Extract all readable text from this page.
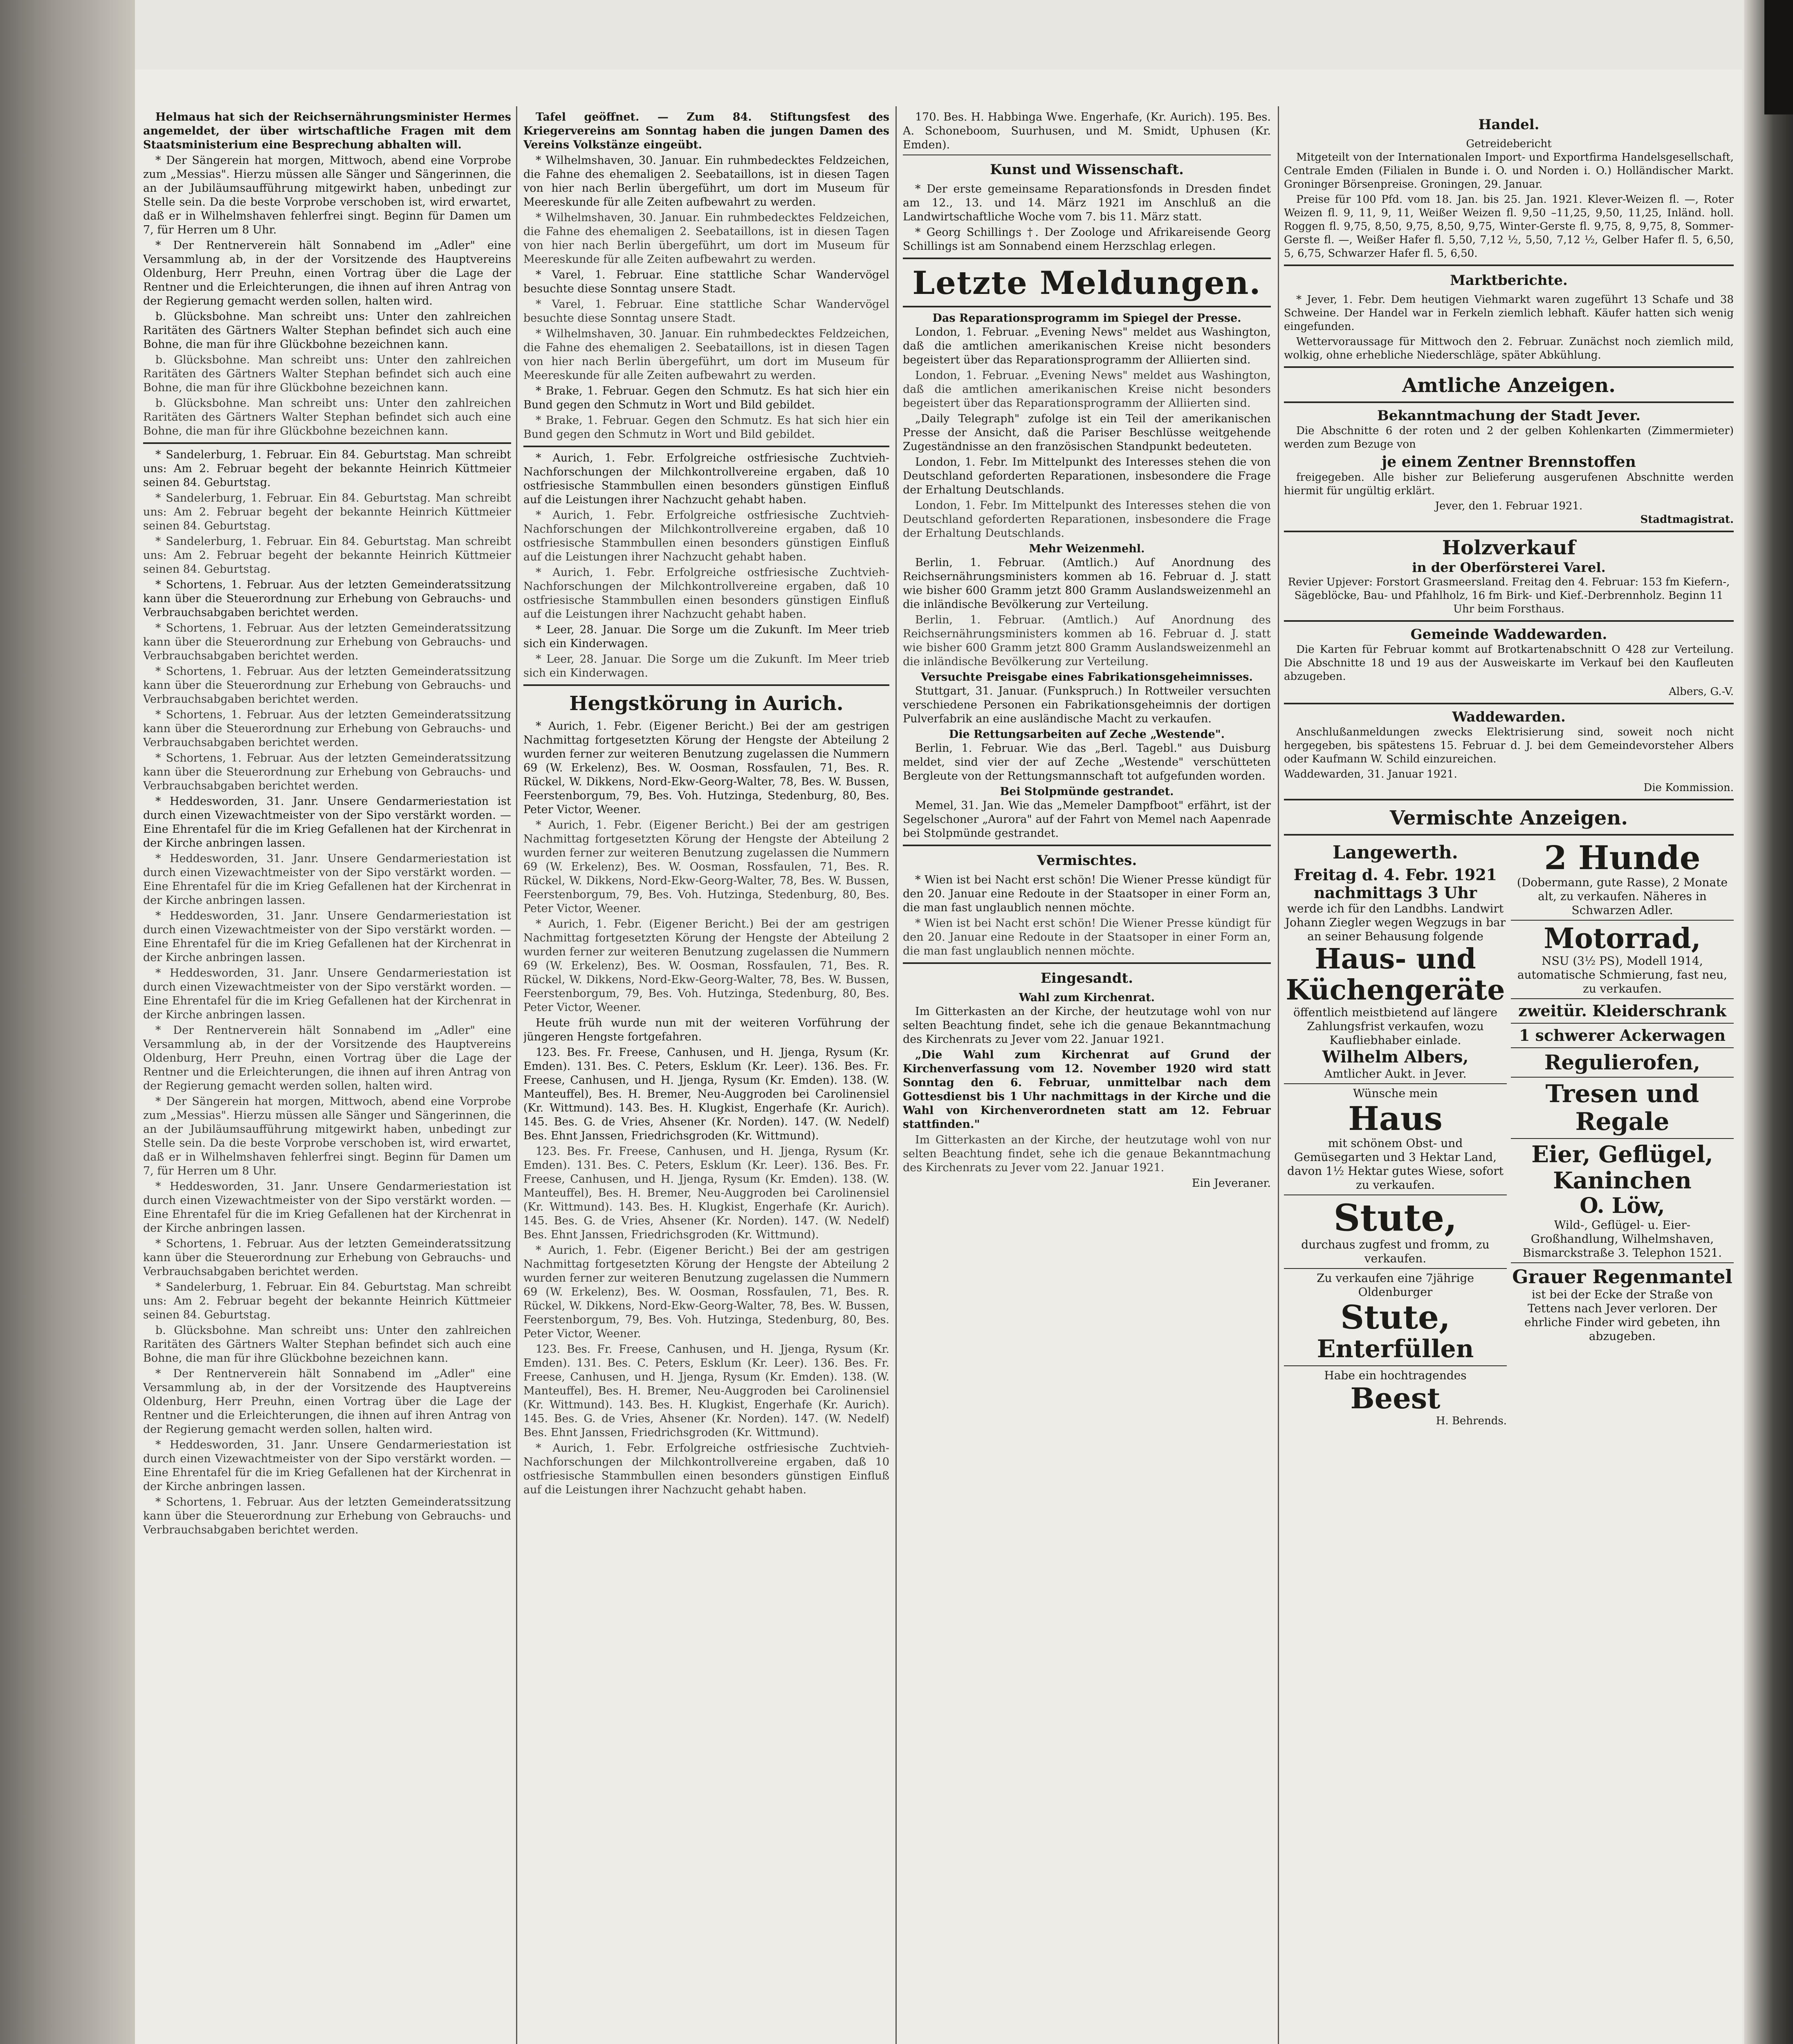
Helmaus hat sich der Reichsernährungsminister Hermes angemeldet, der über wirtschaftliche Fragen mit dem Staatsministerium eine Besprechung abhalten will.

* Der Sängerein hat morgen, Mittwoch, abend eine Vorprobe zum „Messias". Hierzu müssen alle Sänger und Sängerinnen, die an der Jubiläumsaufführung mitgewirkt haben, unbedingt zur Stelle sein. Da die beste Vorprobe verschoben ist, wird erwartet, daß er in Wilhelmshaven fehlerfrei singt. Beginn für Damen um 7, für Herren um 8 Uhr.

* Der Rentnerverein hält Sonnabend im „Adler" eine Versammlung ab, in der der Vorsitzende des Hauptvereins Oldenburg, Herr Preuhn, einen Vortrag über die Lage der Rentner und die Erleichterungen, die ihnen auf ihren Antrag von der Regierung gemacht werden sollen, halten wird.

b. Glücksbohne. Man schreibt uns: Unter den zahlreichen Raritäten des Gärtners Walter Stephan befindet sich auch eine Bohne, die man für ihre Glückbohne bezeichnen kann.

b. Glücksbohne. Man schreibt uns: Unter den zahlreichen Raritäten des Gärtners Walter Stephan befindet sich auch eine Bohne, die man für ihre Glückbohne bezeichnen kann.

b. Glücksbohne. Man schreibt uns: Unter den zahlreichen Raritäten des Gärtners Walter Stephan befindet sich auch eine Bohne, die man für ihre Glückbohne bezeichnen kann.

* Sandelerburg, 1. Februar. Ein 84. Geburtstag. Man schreibt uns: Am 2. Februar begeht der bekannte Heinrich Küttmeier seinen 84. Geburtstag.

* Sandelerburg, 1. Februar. Ein 84. Geburtstag. Man schreibt uns: Am 2. Februar begeht der bekannte Heinrich Küttmeier seinen 84. Geburtstag.

* Sandelerburg, 1. Februar. Ein 84. Geburtstag. Man schreibt uns: Am 2. Februar begeht der bekannte Heinrich Küttmeier seinen 84. Geburtstag.

* Schortens, 1. Februar. Aus der letzten Gemeinderatssitzung kann über die Steuerordnung zur Erhebung von Gebrauchs- und Verbrauchsabgaben berichtet werden.

* Schortens, 1. Februar. Aus der letzten Gemeinderatssitzung kann über die Steuerordnung zur Erhebung von Gebrauchs- und Verbrauchsabgaben berichtet werden.

* Schortens, 1. Februar. Aus der letzten Gemeinderatssitzung kann über die Steuerordnung zur Erhebung von Gebrauchs- und Verbrauchsabgaben berichtet werden.

* Schortens, 1. Februar. Aus der letzten Gemeinderatssitzung kann über die Steuerordnung zur Erhebung von Gebrauchs- und Verbrauchsabgaben berichtet werden.

* Schortens, 1. Februar. Aus der letzten Gemeinderatssitzung kann über die Steuerordnung zur Erhebung von Gebrauchs- und Verbrauchsabgaben berichtet werden.

* Heddesworden, 31. Janr. Unsere Gendarmeriestation ist durch einen Vizewachtmeister von der Sipo verstärkt worden. — Eine Ehrentafel für die im Krieg Gefallenen hat der Kirchenrat in der Kirche anbringen lassen.

* Heddesworden, 31. Janr. Unsere Gendarmeriestation ist durch einen Vizewachtmeister von der Sipo verstärkt worden. — Eine Ehrentafel für die im Krieg Gefallenen hat der Kirchenrat in der Kirche anbringen lassen.

* Heddesworden, 31. Janr. Unsere Gendarmeriestation ist durch einen Vizewachtmeister von der Sipo verstärkt worden. — Eine Ehrentafel für die im Krieg Gefallenen hat der Kirchenrat in der Kirche anbringen lassen.

* Heddesworden, 31. Janr. Unsere Gendarmeriestation ist durch einen Vizewachtmeister von der Sipo verstärkt worden. — Eine Ehrentafel für die im Krieg Gefallenen hat der Kirchenrat in der Kirche anbringen lassen.

* Der Rentnerverein hält Sonnabend im „Adler" eine Versammlung ab, in der der Vorsitzende des Hauptvereins Oldenburg, Herr Preuhn, einen Vortrag über die Lage der Rentner und die Erleichterungen, die ihnen auf ihren Antrag von der Regierung gemacht werden sollen, halten wird.

* Der Sängerein hat morgen, Mittwoch, abend eine Vorprobe zum „Messias". Hierzu müssen alle Sänger und Sängerinnen, die an der Jubiläumsaufführung mitgewirkt haben, unbedingt zur Stelle sein. Da die beste Vorprobe verschoben ist, wird erwartet, daß er in Wilhelmshaven fehlerfrei singt. Beginn für Damen um 7, für Herren um 8 Uhr.

* Heddesworden, 31. Janr. Unsere Gendarmeriestation ist durch einen Vizewachtmeister von der Sipo verstärkt worden. — Eine Ehrentafel für die im Krieg Gefallenen hat der Kirchenrat in der Kirche anbringen lassen.

* Schortens, 1. Februar. Aus der letzten Gemeinderatssitzung kann über die Steuerordnung zur Erhebung von Gebrauchs- und Verbrauchsabgaben berichtet werden.

* Sandelerburg, 1. Februar. Ein 84. Geburtstag. Man schreibt uns: Am 2. Februar begeht der bekannte Heinrich Küttmeier seinen 84. Geburtstag.

b. Glücksbohne. Man schreibt uns: Unter den zahlreichen Raritäten des Gärtners Walter Stephan befindet sich auch eine Bohne, die man für ihre Glückbohne bezeichnen kann.

* Der Rentnerverein hält Sonnabend im „Adler" eine Versammlung ab, in der der Vorsitzende des Hauptvereins Oldenburg, Herr Preuhn, einen Vortrag über die Lage der Rentner und die Erleichterungen, die ihnen auf ihren Antrag von der Regierung gemacht werden sollen, halten wird.

* Heddesworden, 31. Janr. Unsere Gendarmeriestation ist durch einen Vizewachtmeister von der Sipo verstärkt worden. — Eine Ehrentafel für die im Krieg Gefallenen hat der Kirchenrat in der Kirche anbringen lassen.

* Schortens, 1. Februar. Aus der letzten Gemeinderatssitzung kann über die Steuerordnung zur Erhebung von Gebrauchs- und Verbrauchsabgaben berichtet werden.

Tafel geöffnet. — Zum 84. Stiftungsfest des Kriegervereins am Sonntag haben die jungen Damen des Vereins Volkstänze eingeübt.

* Wilhelmshaven, 30. Januar. Ein ruhmbedecktes Feldzeichen, die Fahne des ehemaligen 2. Seebataillons, ist in diesen Tagen von hier nach Berlin übergeführt, um dort im Museum für Meereskunde für alle Zeiten aufbewahrt zu werden.

* Wilhelmshaven, 30. Januar. Ein ruhmbedecktes Feldzeichen, die Fahne des ehemaligen 2. Seebataillons, ist in diesen Tagen von hier nach Berlin übergeführt, um dort im Museum für Meereskunde für alle Zeiten aufbewahrt zu werden.

* Varel, 1. Februar. Eine stattliche Schar Wandervögel besuchte diese Sonntag unsere Stadt.

* Varel, 1. Februar. Eine stattliche Schar Wandervögel besuchte diese Sonntag unsere Stadt.

* Wilhelmshaven, 30. Januar. Ein ruhmbedecktes Feldzeichen, die Fahne des ehemaligen 2. Seebataillons, ist in diesen Tagen von hier nach Berlin übergeführt, um dort im Museum für Meereskunde für alle Zeiten aufbewahrt zu werden.

* Brake, 1. Februar. Gegen den Schmutz. Es hat sich hier ein Bund gegen den Schmutz in Wort und Bild gebildet.

* Brake, 1. Februar. Gegen den Schmutz. Es hat sich hier ein Bund gegen den Schmutz in Wort und Bild gebildet.

* Aurich, 1. Febr. Erfolgreiche ostfriesische Zuchtvieh-Nachforschungen der Milchkontrollvereine ergaben, daß 10 ostfriesische Stammbullen einen besonders günstigen Einfluß auf die Leistungen ihrer Nachzucht gehabt haben.

* Aurich, 1. Febr. Erfolgreiche ostfriesische Zuchtvieh-Nachforschungen der Milchkontrollvereine ergaben, daß 10 ostfriesische Stammbullen einen besonders günstigen Einfluß auf die Leistungen ihrer Nachzucht gehabt haben.

* Aurich, 1. Febr. Erfolgreiche ostfriesische Zuchtvieh-Nachforschungen der Milchkontrollvereine ergaben, daß 10 ostfriesische Stammbullen einen besonders günstigen Einfluß auf die Leistungen ihrer Nachzucht gehabt haben.

* Leer, 28. Januar. Die Sorge um die Zukunft. Im Meer trieb sich ein Kinderwagen.

* Leer, 28. Januar. Die Sorge um die Zukunft. Im Meer trieb sich ein Kinderwagen.

Hengstkörung in Aurich.

* Aurich, 1. Febr. (Eigener Bericht.) Bei der am gestrigen Nachmittag fortgesetzten Körung der Hengste der Abteilung 2 wurden ferner zur weiteren Benutzung zugelassen die Nummern 69 (W. Erkelenz), Bes. W. Oosman, Rossfaulen, 71, Bes. R. Rückel, W. Dikkens, Nord-Ekw-Georg-Walter, 78, Bes. W. Bussen, Feerstenborgum, 79, Bes. Voh. Hutzinga, Stedenburg, 80, Bes. Peter Victor, Weener.

* Aurich, 1. Febr. (Eigener Bericht.) Bei der am gestrigen Nachmittag fortgesetzten Körung der Hengste der Abteilung 2 wurden ferner zur weiteren Benutzung zugelassen die Nummern 69 (W. Erkelenz), Bes. W. Oosman, Rossfaulen, 71, Bes. R. Rückel, W. Dikkens, Nord-Ekw-Georg-Walter, 78, Bes. W. Bussen, Feerstenborgum, 79, Bes. Voh. Hutzinga, Stedenburg, 80, Bes. Peter Victor, Weener.

* Aurich, 1. Febr. (Eigener Bericht.) Bei der am gestrigen Nachmittag fortgesetzten Körung der Hengste der Abteilung 2 wurden ferner zur weiteren Benutzung zugelassen die Nummern 69 (W. Erkelenz), Bes. W. Oosman, Rossfaulen, 71, Bes. R. Rückel, W. Dikkens, Nord-Ekw-Georg-Walter, 78, Bes. W. Bussen, Feerstenborgum, 79, Bes. Voh. Hutzinga, Stedenburg, 80, Bes. Peter Victor, Weener.

Heute früh wurde nun mit der weiteren Vorführung der jüngeren Hengste fortgefahren.

123. Bes. Fr. Freese, Canhusen, und H. Jjenga, Rysum (Kr. Emden). 131. Bes. C. Peters, Esklum (Kr. Leer). 136. Bes. Fr. Freese, Canhusen, und H. Jjenga, Rysum (Kr. Emden). 138. (W. Manteuffel), Bes. H. Bremer, Neu-Auggroden bei Carolinensiel (Kr. Wittmund). 143. Bes. H. Klugkist, Engerhafe (Kr. Aurich). 145. Bes. G. de Vries, Ahsener (Kr. Norden). 147. (W. Nedelf) Bes. Ehnt Janssen, Friedrichsgroden (Kr. Wittmund).

123. Bes. Fr. Freese, Canhusen, und H. Jjenga, Rysum (Kr. Emden). 131. Bes. C. Peters, Esklum (Kr. Leer). 136. Bes. Fr. Freese, Canhusen, und H. Jjenga, Rysum (Kr. Emden). 138. (W. Manteuffel), Bes. H. Bremer, Neu-Auggroden bei Carolinensiel (Kr. Wittmund). 143. Bes. H. Klugkist, Engerhafe (Kr. Aurich). 145. Bes. G. de Vries, Ahsener (Kr. Norden). 147. (W. Nedelf) Bes. Ehnt Janssen, Friedrichsgroden (Kr. Wittmund).

* Aurich, 1. Febr. (Eigener Bericht.) Bei der am gestrigen Nachmittag fortgesetzten Körung der Hengste der Abteilung 2 wurden ferner zur weiteren Benutzung zugelassen die Nummern 69 (W. Erkelenz), Bes. W. Oosman, Rossfaulen, 71, Bes. R. Rückel, W. Dikkens, Nord-Ekw-Georg-Walter, 78, Bes. W. Bussen, Feerstenborgum, 79, Bes. Voh. Hutzinga, Stedenburg, 80, Bes. Peter Victor, Weener.

123. Bes. Fr. Freese, Canhusen, und H. Jjenga, Rysum (Kr. Emden). 131. Bes. C. Peters, Esklum (Kr. Leer). 136. Bes. Fr. Freese, Canhusen, und H. Jjenga, Rysum (Kr. Emden). 138. (W. Manteuffel), Bes. H. Bremer, Neu-Auggroden bei Carolinensiel (Kr. Wittmund). 143. Bes. H. Klugkist, Engerhafe (Kr. Aurich). 145. Bes. G. de Vries, Ahsener (Kr. Norden). 147. (W. Nedelf) Bes. Ehnt Janssen, Friedrichsgroden (Kr. Wittmund).

* Aurich, 1. Febr. Erfolgreiche ostfriesische Zuchtvieh-Nachforschungen der Milchkontrollvereine ergaben, daß 10 ostfriesische Stammbullen einen besonders günstigen Einfluß auf die Leistungen ihrer Nachzucht gehabt haben.

170. Bes. H. Habbinga Wwe. Engerhafe, (Kr. Aurich). 195. Bes. A. Schoneboom, Suurhusen, und M. Smidt, Uphusen (Kr. Emden).

Kunst und Wissenschaft.

* Der erste gemeinsame Reparationsfonds in Dresden findet am 12., 13. und 14. März 1921 im Anschluß an die Landwirtschaftliche Woche vom 7. bis 11. März statt.

* Georg Schillings †. Der Zoologe und Afrikareisende Georg Schillings ist am Sonnabend einem Herzschlag erlegen.

Letzte Meldungen.
Das Reparationsprogramm im Spiegel der Presse.

London, 1. Februar. „Evening News" meldet aus Washington, daß die amtlichen amerikanischen Kreise nicht besonders begeistert über das Reparationsprogramm der Alliierten sind.

London, 1. Februar. „Evening News" meldet aus Washington, daß die amtlichen amerikanischen Kreise nicht besonders begeistert über das Reparationsprogramm der Alliierten sind.

„Daily Telegraph" zufolge ist ein Teil der amerikanischen Presse der Ansicht, daß die Pariser Beschlüsse weitgehende Zugeständnisse an den französischen Standpunkt bedeuteten.

London, 1. Febr. Im Mittelpunkt des Interesses stehen die von Deutschland geforderten Reparationen, insbesondere die Frage der Erhaltung Deutschlands.

London, 1. Febr. Im Mittelpunkt des Interesses stehen die von Deutschland geforderten Reparationen, insbesondere die Frage der Erhaltung Deutschlands.

Mehr Weizenmehl.

Berlin, 1. Februar. (Amtlich.) Auf Anordnung des Reichsernährungsministers kommen ab 16. Februar d. J. statt wie bisher 600 Gramm jetzt 800 Gramm Auslandsweizenmehl an die inländische Bevölkerung zur Verteilung.

Berlin, 1. Februar. (Amtlich.) Auf Anordnung des Reichsernährungsministers kommen ab 16. Februar d. J. statt wie bisher 600 Gramm jetzt 800 Gramm Auslandsweizenmehl an die inländische Bevölkerung zur Verteilung.

Versuchte Preisgabe eines Fabrikationsgeheimnisses.

Stuttgart, 31. Januar. (Funkspruch.) In Rottweiler versuchten verschiedene Personen ein Fabrikationsgeheimnis der dortigen Pulverfabrik an eine ausländische Macht zu verkaufen.

Die Rettungsarbeiten auf Zeche „Westende".

Berlin, 1. Februar. Wie das „Berl. Tagebl." aus Duisburg meldet, sind vier der auf Zeche „Westende" verschütteten Bergleute von der Rettungsmannschaft tot aufgefunden worden.

Bei Stolpmünde gestrandet.

Memel, 31. Jan. Wie das „Memeler Dampfboot" erfährt, ist der Segelschoner „Aurora" auf der Fahrt von Memel nach Aapenrade bei Stolpmünde gestrandet.

Vermischtes.

* Wien ist bei Nacht erst schön! Die Wiener Presse kündigt für den 20. Januar eine Redoute in der Staatsoper in einer Form an, die man fast unglaublich nennen möchte.

* Wien ist bei Nacht erst schön! Die Wiener Presse kündigt für den 20. Januar eine Redoute in der Staatsoper in einer Form an, die man fast unglaublich nennen möchte.

Eingesandt.
Wahl zum Kirchenrat.

Im Gitterkasten an der Kirche, der heutzutage wohl von nur selten Beachtung findet, sehe ich die genaue Bekanntmachung des Kirchenrats zu Jever vom 22. Januar 1921.

„Die Wahl zum Kirchenrat auf Grund der Kirchenverfassung vom 12. November 1920 wird statt Sonntag den 6. Februar, unmittelbar nach dem Gottesdienst bis 1 Uhr nachmittags in der Kirche und die Wahl von Kirchenverordneten statt am 12. Februar stattfinden."

Im Gitterkasten an der Kirche, der heutzutage wohl von nur selten Beachtung findet, sehe ich die genaue Bekanntmachung des Kirchenrats zu Jever vom 22. Januar 1921.

Ein Jeveraner.

Handel.
Getreidebericht

Mitgeteilt von der Internationalen Import- und Exportfirma Handelsgesellschaft, Centrale Emden (Filialen in Bunde i. O. und Norden i. O.) Holländischer Markt. Groninger Börsenpreise. Groningen, 29. Januar.

Preise für 100 Pfd. vom 18. Jan. bis 25. Jan. 1921. Klever-Weizen fl. —, Roter Weizen fl. 9, 11, 9, 11, Weißer Weizen fl. 9,50 –11,25, 9,50, 11,25, Inländ. holl. Roggen fl. 9,75, 8,50, 9,75, 8,50, 9,75, Winter-Gerste fl. 9,75, 8, 9,75, 8, Sommer-Gerste fl. —, Weißer Hafer fl. 5,50, 7,12 ½, 5,50, 7,12 ½, Gelber Hafer fl. 5, 6,50, 5, 6,75, Schwarzer Hafer fl. 5, 6,50.

Marktberichte.

* Jever, 1. Febr. Dem heutigen Viehmarkt waren zugeführt 13 Schafe und 38 Schweine. Der Handel war in Ferkeln ziemlich lebhaft. Käufer hatten sich wenig eingefunden.

Wettervoraussage für Mittwoch den 2. Februar. Zunächst noch ziemlich mild, wolkig, ohne erhebliche Niederschläge, später Abkühlung.

Amtliche Anzeigen.
Bekanntmachung der Stadt Jever.

Die Abschnitte 6 der roten und 2 der gelben Kohlenkarten (Zimmermieter) werden zum Bezuge von

je einem Zentner Brennstoffen

freigegeben. Alle bisher zur Belieferung ausgerufenen Abschnitte werden hiermit für ungültig erklärt.

Jever, den 1. Februar 1921.
Stadtmagistrat.
Holzverkauf
in der Oberförsterei Varel.

Revier Upjever: Forstort Grasmeersland. Freitag den 4. Februar: 153 fm Kiefern-, Sägeblöcke, Bau- und Pfahlholz, 16 fm Birk- und Kief.-Derbrennholz. Beginn 11 Uhr beim Forsthaus.

Gemeinde Waddewarden.

Die Karten für Februar kommt auf Brotkartenabschnitt O 428 zur Verteilung. Die Abschnitte 18 und 19 aus der Ausweiskarte im Verkauf bei den Kaufleuten abzugeben.

Albers, G.-V.
Waddewarden.

Anschlußanmeldungen zwecks Elektrisierung sind, soweit noch nicht hergegeben, bis spätestens 15. Februar d. J. bei dem Gemeindevorsteher Albers oder Kaufmann W. Schild einzureichen.

Waddewarden, 31. Januar 1921.
Die Kommission.
Vermischte Anzeigen.
Langewerth.
Freitag d. 4. Febr. 1921 nachmittags 3 Uhr
werde ich für den Landbhs. Landwirt Johann Ziegler wegen Wegzugs in bar an seiner Behausung folgende
Haus- und Küchengeräte
öffentlich meistbietend auf längere Zahlungsfrist verkaufen, wozu Kaufliebhaber einlade.
Wilhelm Albers,
Amtlicher Aukt. in Jever.
Wünsche mein
Haus
mit schönem Obst- und Gemüsegarten und 3 Hektar Land, davon 1½ Hektar gutes Wiese, sofort zu verkaufen.
Stute,
durchaus zugfest und fromm, zu verkaufen.
Zu verkaufen eine 7jährige Oldenburger
Stute,
Enterfüllen
Habe ein hochtragendes
Beest
H. Behrends.
2 Hunde
(Dobermann, gute Rasse), 2 Monate alt, zu verkaufen. Näheres in Schwarzen Adler.
Motorrad,
NSU (3½ PS), Modell 1914, automatische Schmierung, fast neu, zu verkaufen.
zweitür. Kleiderschrank
1 schwerer Ackerwagen
Regulierofen,
Tresen und Regale
Eier, Geflügel, Kaninchen
O. Löw,
Wild-, Geflügel- u. Eier-Großhandlung, Wilhelmshaven, Bismarckstraße 3. Telephon 1521.
Grauer Regenmantel
ist bei der Ecke der Straße von Tettens nach Jever verloren. Der ehrliche Finder wird gebeten, ihn abzugeben.
